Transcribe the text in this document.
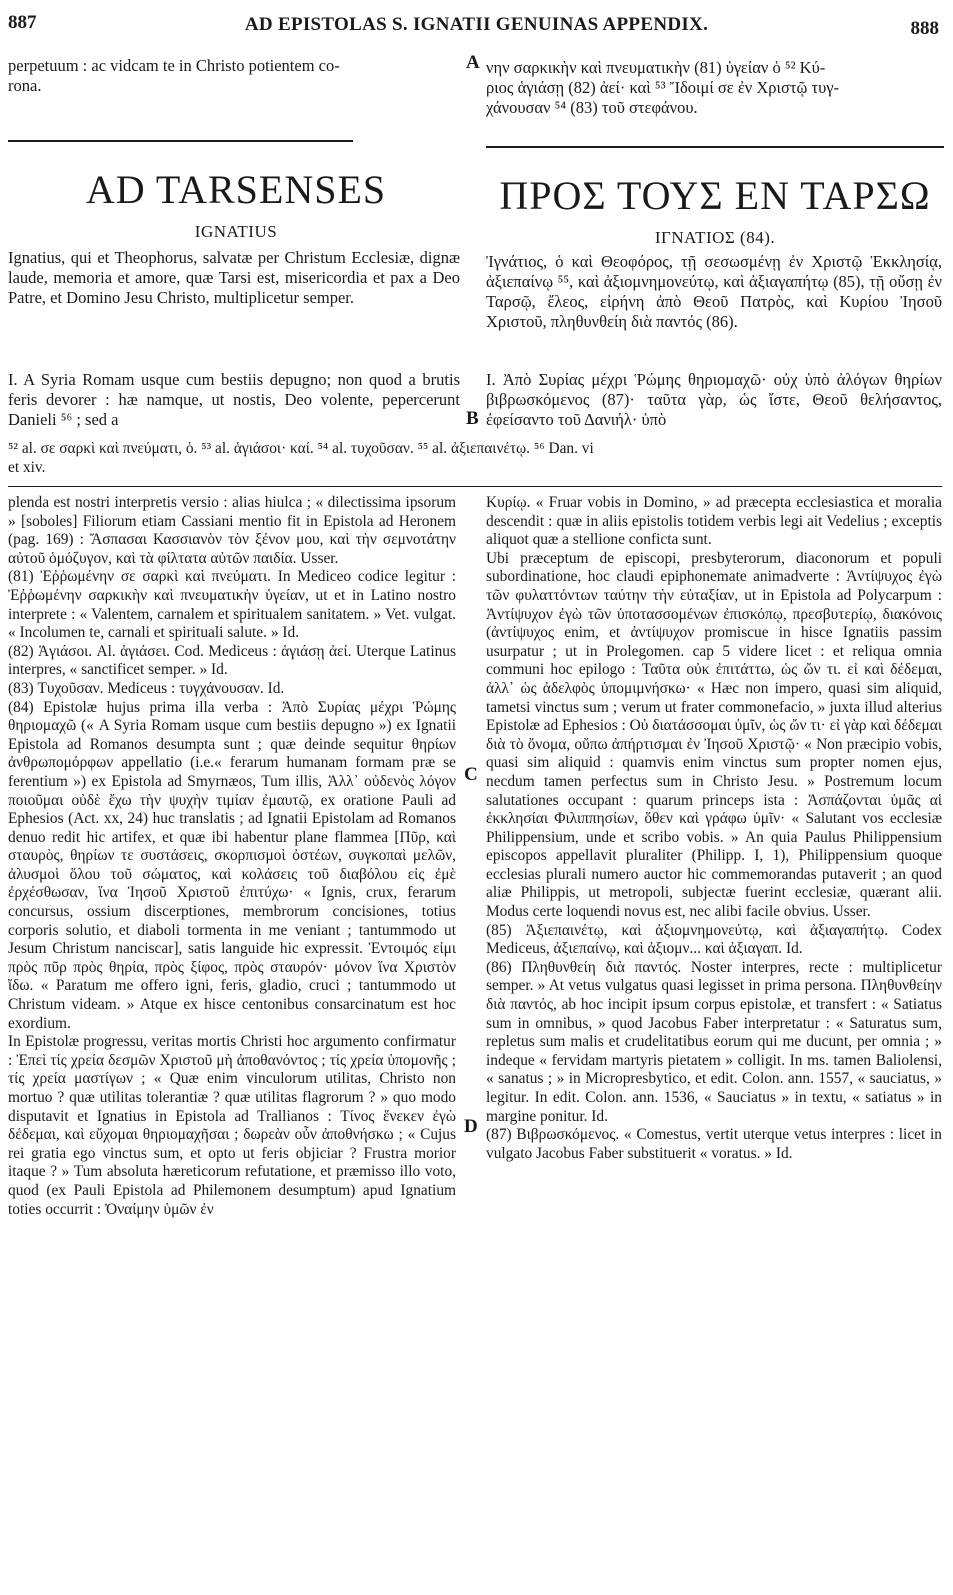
887	AD EPISTOLAS S. IGNATII GENUINAS APPENDIX.	888

perpetuum : ac vidcam te in Christo potientem co-
rona.

A νην σαρκικὴν καὶ πνευματικὴν (81) ὑγείαν ὁ ⁵² Κύ-
ριος ἁγιάσῃ (82) ἀεί· καὶ ⁵³ Ἴδοιμί σε ἐν Χριστῷ τυγ-
χάνουσαν ⁵⁴ (83) τοῦ στεφάνου.

AD TARSENSES	ΠΡΟΣ ΤΟΥΣ ΕΝ ΤΑΡΣΩ
IGNATIUS	ΙΓΝΑΤΙΟΣ (84).

Ignatius, qui et Theophorus, salvatæ per Christum Ecclesiæ, dignæ laude, memoria et amore, quæ Tarsi est, misericordia et pax a Deo Patre, et Domino Jesu Christo, multiplicetur semper.

Ἰγνάτιος, ὁ καὶ Θεοφόρος, τῇ σεσωσμένῃ ἐν Χριστῷ Ἐκκλησίᾳ, ἀξιεπαίνῳ ⁵⁵, καὶ ἀξιομνημονεύτῳ, καὶ ἀξιαγαπήτῳ (85), τῇ οὔσῃ ἐν Ταρσῷ, ἔλεος, εἰρήνη ἀπὸ Θεοῦ Πατρὸς, καὶ Κυρίου Ἰησοῦ Χριστοῦ, πληθυνθείη διὰ παντός (86).

I. A Syria Romam usque cum bestiis depugno; non quod a brutis feris devorer : hæ namque, ut nostis, Deo volente, pepercerunt Danieli ⁵⁶ ; sed a	B

I. Ἀπὸ Συρίας μέχρι Ῥώμης θηριομαχῶ· οὐχ ὑπὸ ἀλόγων θηρίων βιβρωσκόμενος (87)· ταῦτα γὰρ, ὡς ἴστε, Θεοῦ θελήσαντος, ἐφείσαντο τοῦ Δανιήλ· ὑπὸ

⁵² al. σε σαρκὶ καὶ πνεύματι, ὁ. ⁵³ al. ἁγιάσοι· καί. ⁵⁴ al. τυχοῦσαν. ⁵⁵ al. ἀξιεπαινέτῳ. ⁵⁶ Dan. vi
et xiv.

plenda est nostri interpretis versio : alias hiulca ; « dilectissima ipsorum » [soboles] Filiorum etiam Cassiani mentio fit in Epistola ad Heronem (pag. 169) : Ἄσπασαι Κασσιανὸν τὸν ξένον μου, καὶ τὴν σεμνοτάτην αὐτοῦ ὁμόζυγον, καὶ τὰ φίλτατα αὐτῶν παιδία. Usser.
(81) Ἐῤῥωμένην σε σαρκὶ καὶ πνεύματι. In Mediceo codice legitur : Ἐῤῥωμένην σαρκικὴν καὶ πνευματικὴν ὑγείαν, ut et in Latino nostro interprete : « Valentem, carnalem et spiritualem sanitatem. » Vet. vulgat. « Incolumen te, carnali et spirituali salute. » Id.
(82) Ἁγιάσοι. Al. ἁγιάσει. Cod. Mediceus : ἁγιάσῃ ἀεί. Uterque Latinus interpres, « sanctificet semper. » Id.
(83) Τυχοῦσαν. Mediceus : τυγχάνουσαν. Id.
(84) Epistolæ hujus prima illa verba : Ἀπὸ Συρίας μέχρι Ῥώμης θηριομαχῶ (« A Syria Romam usque cum bestiis depugno ») ex Ignatii Epistola ad Romanos desumpta sunt ; quæ deinde sequitur θηρίων ἀνθρωπομόρφων appellatio (i.e.« ferarum humanam formam præ se ferentium ») ex Epistola ad Smyrnæos, Tum illis, Ἀλλ᾽ οὐδενὸς λόγον ποιοῦμαι οὐδὲ ἔχω τὴν ψυχὴν τιμίαν ἐμαυτῷ, ex oratione Pauli ad Ephesios (Act. xx, 24) huc translatis ; ad Ignatii Epistolam ad Romanos denuo redit hic artifex, et quæ ibi habentur plane flammea [Πῦρ, καὶ σταυρὸς, θηρίων τε συστάσεις, σκορπισμοὶ ὀστέων, συγκοπαὶ μελῶν, ἀλυσμοὶ ὅλου τοῦ σώματος, καὶ κολάσεις τοῦ διαβόλου εἰς ἐμὲ ἐρχέσθωσαν, ἵνα Ἰησοῦ Χριστοῦ ἐπιτύχω· « Ignis, crux, ferarum concursus, ossium discerptiones, membrorum concisiones, totius corporis solutio, et diaboli tormenta in me veniant ; tantummodo ut Jesum Christum nanciscar], satis languide hic expressit. Ἑντοιμός εἰμι πρὸς πῦρ πρὸς θηρία, πρὸς ξίφος, πρὸς σταυρόν· μόνον ἵνα Χριστὸν ἴδω. « Paratum me offero igni, feris, gladio, cruci ; tantummodo ut Christum videam. » Atque ex hisce centonibus consarcinatum est hoc exordium.
In Epistolæ progressu, veritas mortis Christi hoc argumento confirmatur : Ἐπεὶ τίς χρεία δεσμῶν Χριστοῦ μὴ ἀποθανόντος ; τίς χρεία ὑπομονῆς ; τίς χρεία μαστίγων ; « Quæ enim vinculorum utilitas, Christo non mortuo ? quæ utilitas tolerantiæ ? quæ utilitas flagrorum ? » quo modo disputavit et Ignatius in Epistola ad Trallianos : Τίνος ἕνεκεν ἐγὼ δέδεμαι, καὶ εὔχομαι θηριομαχῆσαι ; δωρεὰν οὖν ἀποθνήσκω ; « Cujus rei gratia ego vinctus sum, et opto ut feris objiciar ? Frustra morior itaque ? » Tum absoluta hæreticorum refutatione, et præmisso illo voto, quod (ex Pauli Epistola ad Philemonem desumptum) apud Ignatium toties occurrit : Ὀναίμην ὑμῶν ἐν

C
D

Κυρίῳ. « Fruar vobis in Domino, » ad præcepta ecclesiastica et moralia descendit : quæ in aliis epistolis totidem verbis legi ait Vedelius ; exceptis aliquot quæ a stellione conficta sunt.
Ubi præceptum de episcopi, presbyterorum, diaconorum et populi subordinatione, hoc claudi epiphonemate animadverte : Ἀντίψυχος ἐγὼ τῶν φυλαττόντων ταύτην τὴν εὐταξίαν, ut in Epistola ad Polycarpum : Ἀντίψυχον ἐγὼ τῶν ὑποτασσομένων ἐπισκόπῳ, πρεσβυτερίῳ, διακόνοις (ἀντίψυχος enim, et ἀντίψυχον promiscue in hisce Ignatiis passim usurpatur ; ut in Prolegomen. cap 5 videre licet : et reliqua omnia communi hoc epilogo : Ταῦτα οὐκ ἐπιτάττω, ὡς ὤν τι. εἰ καὶ δέδεμαι, ἀλλ᾽ ὡς ἀδελφὸς ὑπομιμνήσκω· « Hæc non impero, quasi sim aliquid, tametsi vinctus sum ; verum ut frater commonefacio, » juxta illud alterius Epistolæ ad Ephesios : Οὐ διατάσσομαι ὑμῖν, ὡς ὤν τι· εἰ γὰρ καὶ δέδεμαι διὰ τὸ ὄνομα, οὔπω ἀπήρτισμαι ἐν Ἰησοῦ Χριστῷ· « Non præcipio vobis, quasi sim aliquid : quamvis enim vinctus sum propter nomen ejus, necdum tamen perfectus sum in Christo Jesu. » Postremum locum salutationes occupant : quarum princeps ista : Ἀσπάζονται ὑμᾶς αἱ ἐκκλησίαι Φιλιππησίων, ὅθεν καὶ γράφω ὑμῖν· « Salutant vos ecclesiæ Philippensium, unde et scribo vobis. » An quia Paulus Philippensium episcopos appellavit pluraliter (Philipp. I, 1), Philippensium quoque ecclesias plurali numero auctor hic commemorandas putaverit ; an quod aliæ Philippis, ut metropoli, subjectæ fuerint ecclesiæ, quærant alii. Modus certe loquendi novus est, nec alibi facile obvius. Usser.
(85) Ἀξιεπαινέτῳ, καὶ ἀξιομνημονεύτῳ, καὶ ἀξιαγαπήτῳ. Codex Mediceus, ἀξιεπαίνῳ, καὶ ἀξιομν... καὶ ἀξιαγαπ. Id.
(86) Πληθυνθείη διὰ παντός. Noster interpres, recte : multiplicetur semper. » At vetus vulgatus quasi legisset in prima persona. Πληθυνθείην διὰ παντός, ab hoc incipit ipsum corpus epistolæ, et transfert : « Satiatus sum in omnibus, » quod Jacobus Faber interpretatur : « Saturatus sum, repletus sum malis et crudelitatibus eorum qui me ducunt, per omnia ; » indeque « fervidam martyris pietatem » colligit. In ms. tamen Baliolensi, « sanatus ; » in Micropresbytico, et edit. Colon. ann. 1557, « sauciatus, » legitur. In edit. Colon. ann. 1536, « Sauciatus » in textu, « satiatus » in margine ponitur. Id.
(87) Βιβρωσκόμενος. « Comestus, vertit uterque vetus interpres : licet in vulgato Jacobus Faber substituerit « voratus. » Id.
